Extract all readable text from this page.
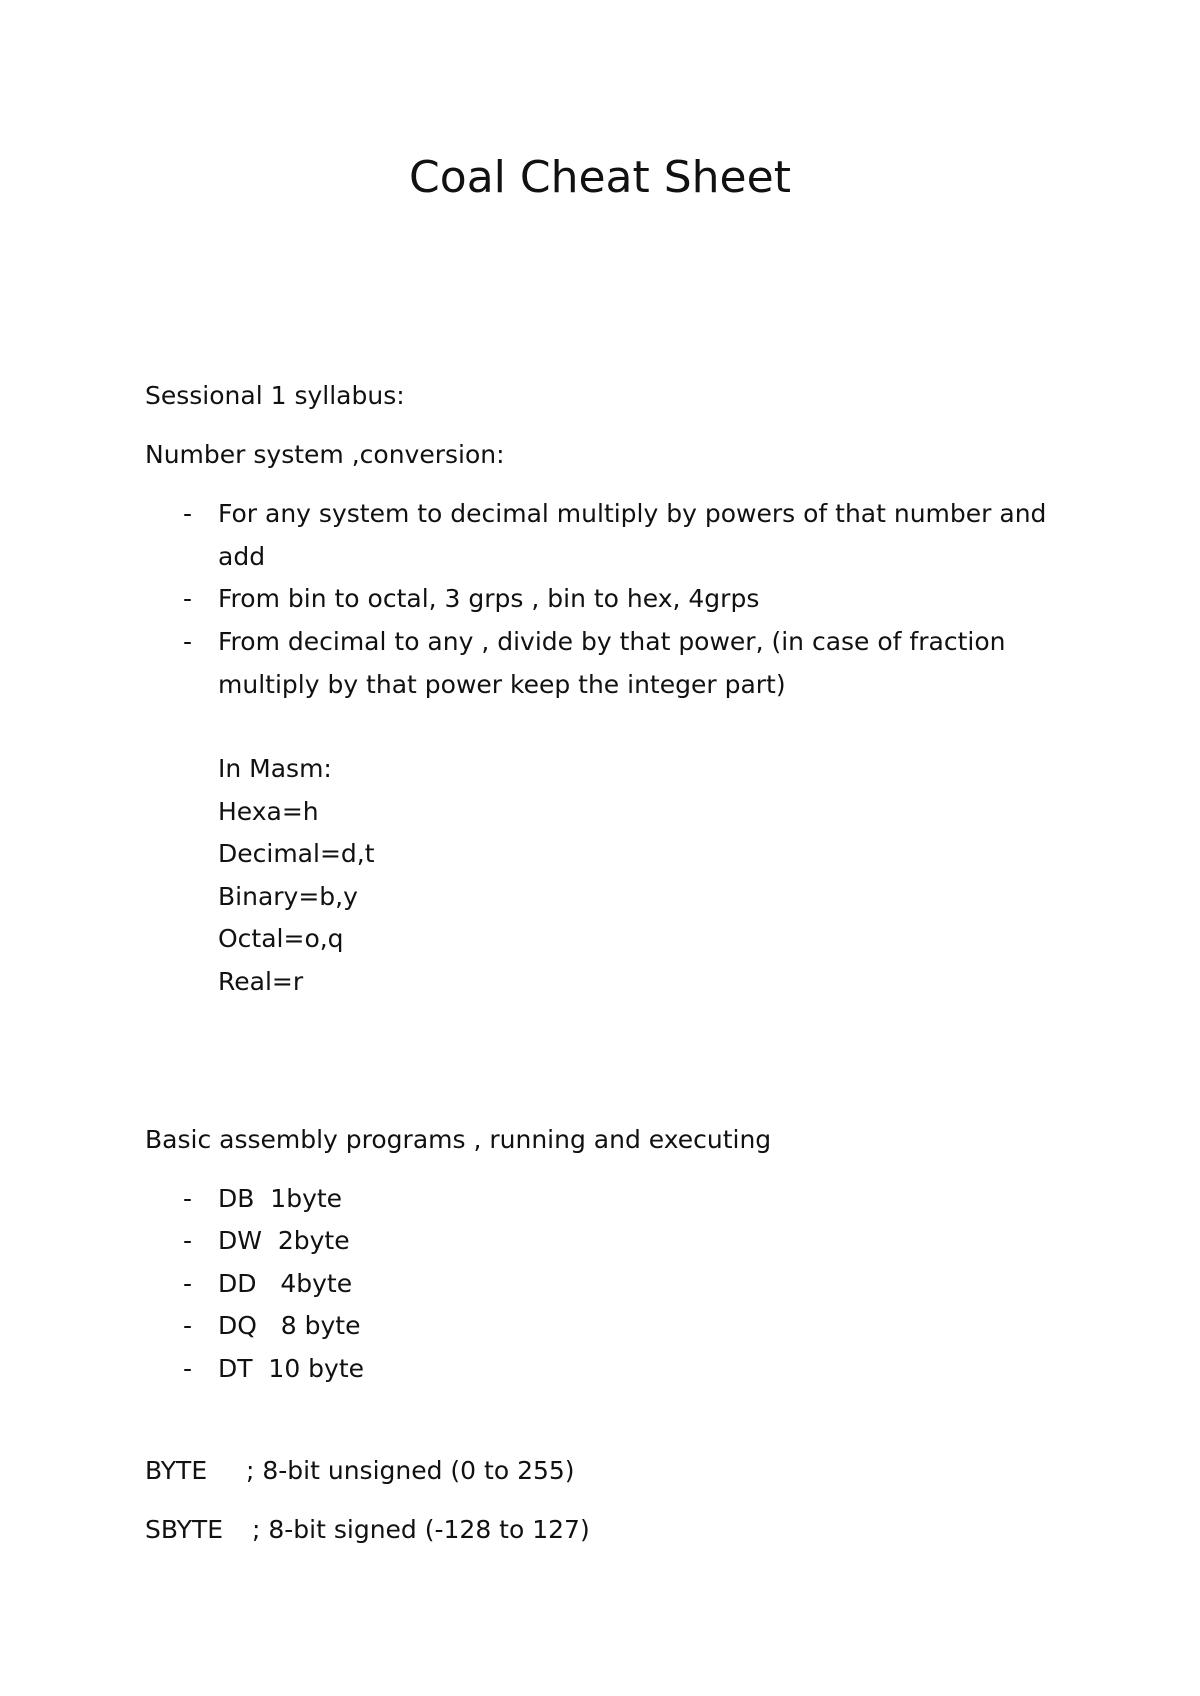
Coal Cheat Sheet
Sessional 1 syllabus:
Number system ,conversion:
- For any system to decimal multiply by powers of that number and
add
- From bin to octal, 3 grps , bin to hex, 4grps
- From decimal to any , divide by that power, (in case of fraction
multiply by that power keep the integer part)
In Masm:
Hexa=h
Decimal=d,t
Binary=b,y
Octal=o,q
Real=r
Basic assembly programs , running and executing
- DB  1byte
- DW  2byte
- DD   4byte
- DQ   8 byte
- DT  10 byte
BYTE ; 8-bit unsigned (0 to 255)
SBYTE ; 8-bit signed (-128 to 127)
